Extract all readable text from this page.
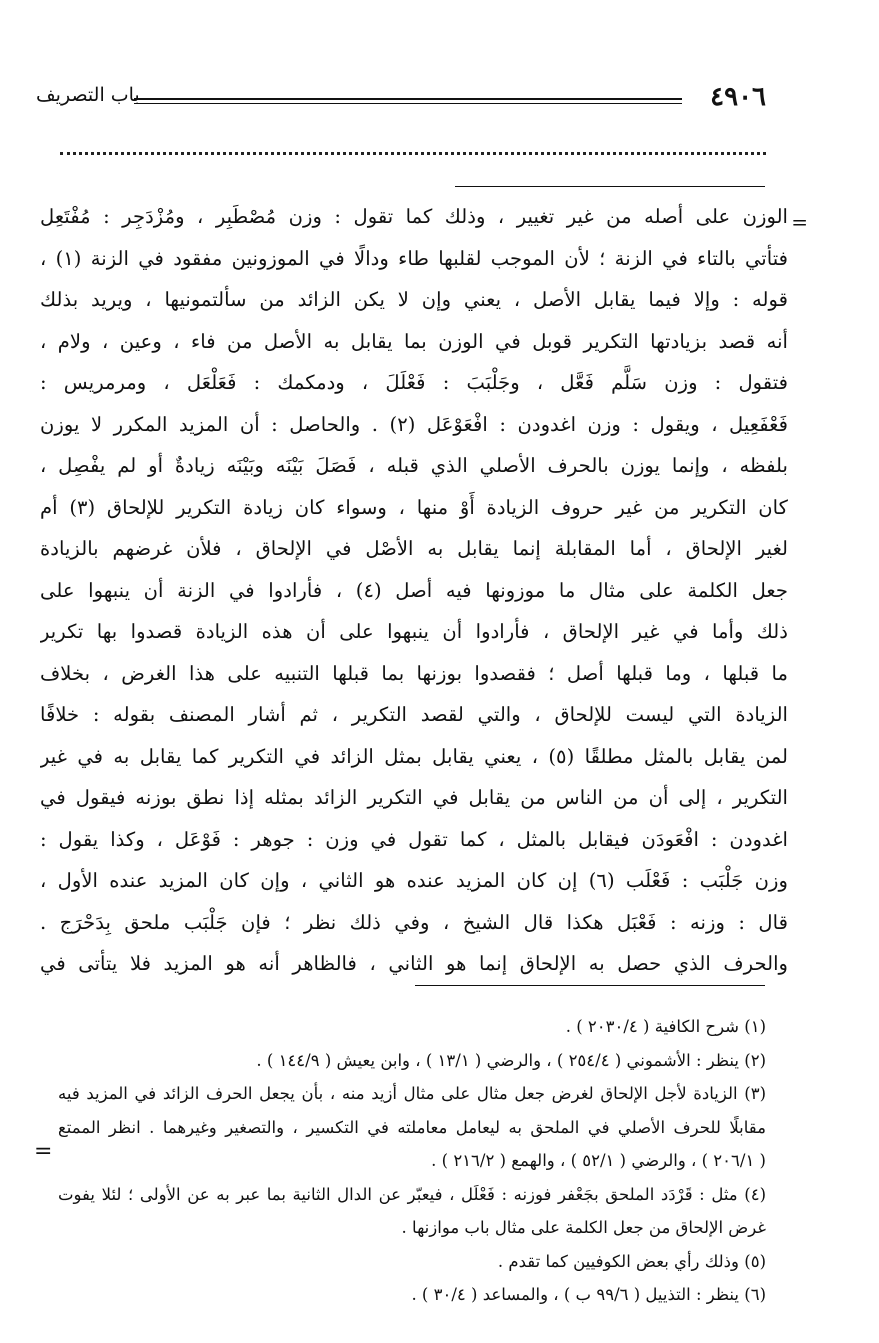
٤٩٠٦
باب التصريف
=
الوزن على أصله من غير تغيير ، وذلك كما تقول : وزن مُصْطَبِر ، ومُزْدَجِر : مُفْتَعِل
فتأتي بالتاء في الزنة ؛ لأن الموجب لقلبها طاء ودالًا في الموزونين مفقود في الزنة (١) ،
قوله : وإلا فيما يقابل الأصل ، يعني وإن لا يكن الزائد من سألتمونيها ، ويريد بذلك
أنه قصد بزيادتها التكرير قوبل في الوزن بما يقابل به الأصل من فاء ، وعين ، ولام ،
فتقول : وزن سَلَّم فَعَّل ، وجَلْبَبَ : فَعْلَلَ ، ودمكمك : فَعَلْعَل ، ومرمريس :
فَعْفَعِيل ، ويقول : وزن اغدودن : افْعَوْعَل (٢) . والحاصل : أن المزيد المكرر لا يوزن
بلفظه ، وإنما يوزن بالحرف الأصلي الذي قبله ، فَصَلَ بَيْنَه وبَيْنَه زيادةٌ أو لم يفْصِل ،
كان التكرير من غير حروف الزيادة أَوْ منها ، وسواء كان زيادة التكرير للإلحاق (٣) أم
لغير الإلحاق ، أما المقابلة إنما يقابل به الأصْل في الإلحاق ، فلأن غرضهم بالزيادة
جعل الكلمة على مثال ما موزونها فيه أصل (٤) ، فأرادوا في الزنة أن ينبهوا على
ذلك وأما في غير الإلحاق ، فأرادوا أن ينبهوا على أن هذه الزيادة قصدوا بها تكرير
ما قبلها ، وما قبلها أصل ؛ فقصدوا بوزنها بما قبلها التنبيه على هذا الغرض ، بخلاف
الزيادة التي ليست للإلحاق ، والتي لقصد التكرير ، ثم أشار المصنف بقوله : خلافًا
لمن يقابل بالمثل مطلقًا (٥) ، يعني يقابل بمثل الزائد في التكرير كما يقابل به في غير
التكرير ، إلى أن من الناس من يقابل في التكرير الزائد بمثله إذا نطق بوزنه فيقول في
اغدودن : افْعَودَن فيقابل بالمثل ، كما تقول في وزن : جوهر : فَوْعَل ، وكذا يقول :
وزن جَلْبَب : فَعْلَب (٦) إن كان المزيد عنده هو الثاني ، وإن كان المزيد عنده الأول ،
قال : وزنه : فَعْبَل هكذا قال الشيخ ، وفي ذلك نظر ؛ فإن جَلْبَب ملحق بِدَحْرَج .
والحرف الذي حصل به الإلحاق إنما هو الثاني ، فالظاهر أنه هو المزيد فلا يتأتى في
=
(١) شرح الكافية ( ٢٠٣٠/٤ ) .
(٢) ينظر : الأشموني ( ٢٥٤/٤ ) ، والرضي ( ١٣/١ ) ، وابن يعيش ( ١٤٤/٩ ) .
(٣) الزيادة لأجل الإلحاق لغرض جعل مثال على مثال أزيد منه ، بأن يجعل الحرف الزائد في المزيد فيه
مقابلًا للحرف الأصلي في الملحق به ليعامل معاملته في التكسير ، والتصغير وغيرهما . انظر الممتع
( ٢٠٦/١ ) ، والرضي ( ٥٢/١ ) ، والهمع ( ٢١٦/٢ ) .
(٤) مثل : قَرْدَد الملحق بجَعْفر فوزنه : فَعْلَل ، فيعبّر عن الدال الثانية بما عبر به عن الأولى ؛ لئلا يفوت
غرض الإلحاق من جعل الكلمة على مثال باب موازنها .
(٥) وذلك رأي بعض الكوفيين كما تقدم .
(٦) ينظر : التذييل ( ٩٩/٦ ب ) ، والمساعد ( ٣٠/٤ ) .
